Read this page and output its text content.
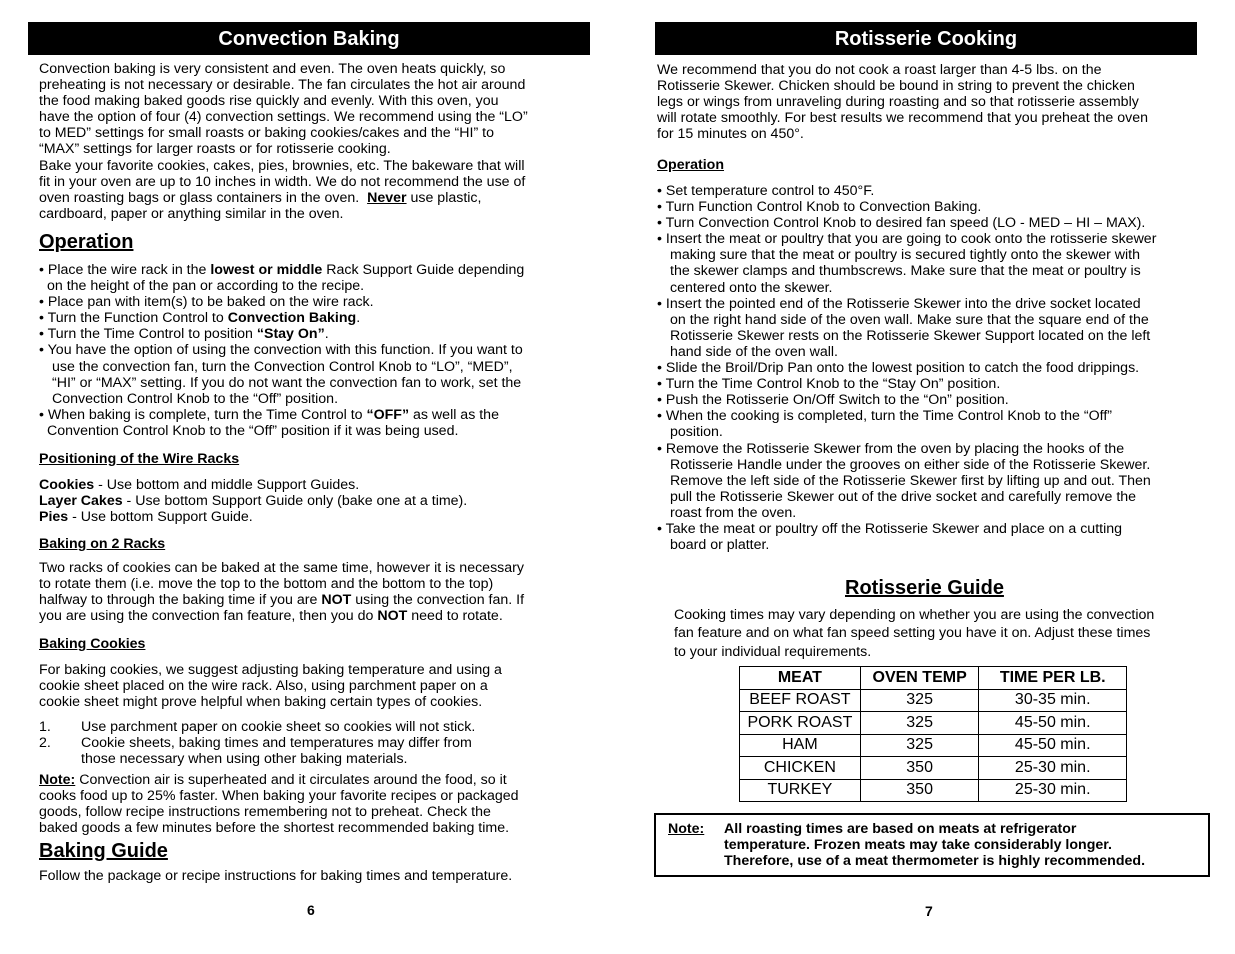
Convection Baking

Convection baking is very consistent and even. The oven heats quickly, so

preheating is not necessary or desirable. The fan circulates the hot air around

the food making baked goods rise quickly and evenly. With this oven, you

have the option of four (4) convection settings. We recommend using the “LO”

to MED” settings for small roasts or baking cookies/cakes and the “HI” to

“MAX” settings for larger roasts or for rotisserie cooking.

Bake your favorite cookies, cakes, pies, brownies, etc. The bakeware that will

fit in your oven are up to 10 inches in width. We do not recommend the use of

oven roasting bags or glass containers in the oven.  Never use plastic,

cardboard, paper or anything similar in the oven.

Operation

• Place the wire rack in the lowest or middle Rack Support Guide depending

on the height of the pan or according to the recipe.

• Place pan with item(s) to be baked on the wire rack.

• Turn the Function Control to Convection Baking.

• Turn the Time Control to position “Stay On”.

• You have the option of using the convection with this function. If you want to

use the convection fan, turn the Convection Control Knob to “LO”, “MED”,

“HI” or “MAX” setting. If you do not want the convection fan to work, set the

Convection Control Knob to the “Off” position.

• When baking is complete, turn the Time Control to “OFF” as well as the

Convention Control Knob to the “Off” position if it was being used.

Positioning of the Wire Racks

Cookies - Use bottom and middle Support Guides.

Layer Cakes - Use bottom Support Guide only (bake one at a time).

Pies - Use bottom Support Guide.

Baking on 2 Racks

Two racks of cookies can be baked at the same time, however it is necessary

to rotate them (i.e. move the top to the bottom and the bottom to the top)

halfway to through the baking time if you are NOT using the convection fan. If

you are using the convection fan feature, then you do NOT need to rotate.

Baking Cookies

For baking cookies, we suggest adjusting baking temperature and using a

cookie sheet placed on the wire rack. Also, using parchment paper on a

cookie sheet might prove helpful when baking certain types of cookies.

1.	Use parchment paper on cookie sheet so cookies will not stick.
2.	Cookie sheets, baking times and temperatures may differ from

those necessary when using other baking materials.

Note: Convection air is superheated and it circulates around the food, so it

cooks food up to 25% faster. When baking your favorite recipes or packaged

goods, follow recipe instructions remembering not to preheat. Check the

baked goods a few minutes before the shortest recommended baking time.

Baking Guide
Follow the package or recipe instructions for baking times and temperature.
6
Rotisserie Cooking

We recommend that you do not cook a roast larger than 4-5 lbs. on the

Rotisserie Skewer. Chicken should be bound in string to prevent the chicken

legs or wings from unraveling during roasting and so that rotisserie assembly

will rotate smoothly. For best results we recommend that you preheat the oven

for 15 minutes on 450°.

Operation

• Set temperature control to 450°F.

• Turn Function Control Knob to Convection Baking.

• Turn Convection Control Knob to desired fan speed (LO - MED – HI – MAX).

• Insert the meat or poultry that you are going to cook onto the rotisserie skewer

making sure that the meat or poultry is secured tightly onto the skewer with

the skewer clamps and thumbscrews. Make sure that the meat or poultry is

centered onto the skewer.

• Insert the pointed end of the Rotisserie Skewer into the drive socket located

on the right hand side of the oven wall. Make sure that the square end of the

Rotisserie Skewer rests on the Rotisserie Skewer Support located on the left

hand side of the oven wall.

• Slide the Broil/Drip Pan onto the lowest position to catch the food drippings.

• Turn the Time Control Knob to the “Stay On” position.

• Push the Rotisserie On/Off Switch to the “On” position.

• When the cooking is completed, turn the Time Control Knob to the “Off”

position.

• Remove the Rotisserie Skewer from the oven by placing the hooks of the

Rotisserie Handle under the grooves on either side of the Rotisserie Skewer.

Remove the left side of the Rotisserie Skewer first by lifting up and out. Then

pull the Rotisserie Skewer out of the drive socket and carefully remove the

roast from the oven.

• Take the meat or poultry off the Rotisserie Skewer and place on a cutting

board or platter.

Rotisserie Guide

Cooking times may vary depending on whether you are using the convection

fan feature and on what fan speed setting you have it on. Adjust these times

to your individual requirements.

MEAT	OVEN TEMP	TIME PER LB.
BEEF ROAST	325	30-35 min.
PORK ROAST	325	45-50 min.
HAM	325	45-50 min.
CHICKEN	350	25-30 min.
TURKEY	350	25-30 min.
Note: All roasting times are based on meats at refrigerator

temperature. Frozen meats may take considerably longer.

Therefore, use of a meat thermometer is highly recommended.

7
